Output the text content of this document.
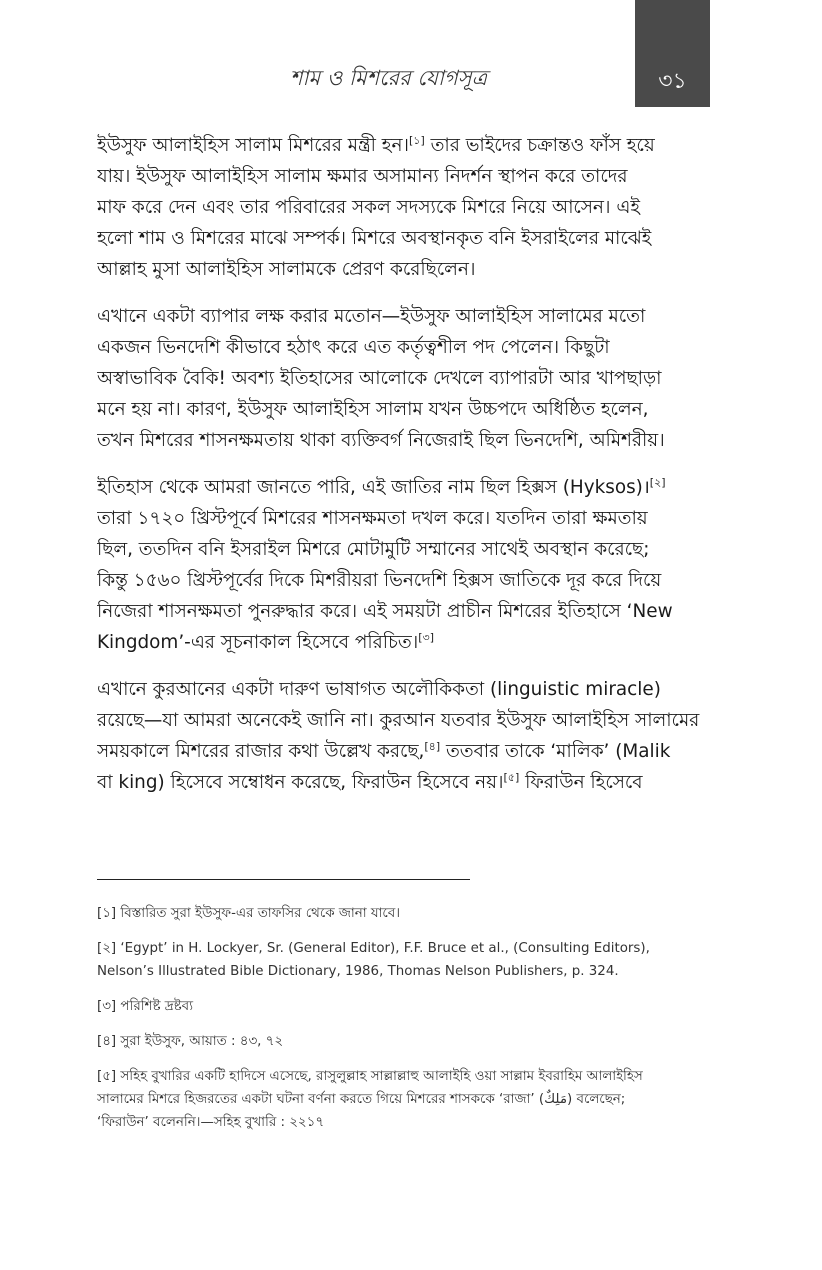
শাম ও মিশরের যোগসূত্র	৩১
ইউসুফ আলাইহিস সালাম মিশরের মন্ত্রী হন।[১] তার ভাইদের চক্রান্তও ফাঁস হয়ে
যায়। ইউসুফ আলাইহিস সালাম ক্ষমার অসামান্য নিদর্শন স্থাপন করে তাদের
মাফ করে দেন এবং তার পরিবারের সকল সদস্যকে মিশরে নিয়ে আসেন। এই
হলো শাম ও মিশরের মাঝে সম্পর্ক। মিশরে অবস্থানকৃত বনি ইসরাইলের মাঝেই
আল্লাহ মুসা আলাইহিস সালামকে প্রেরণ করেছিলেন।
এখানে একটা ব্যাপার লক্ষ করার মতোন—ইউসুফ আলাইহিস সালামের মতো
একজন ভিনদেশি কীভাবে হঠাৎ করে এত কর্তৃত্বশীল পদ পেলেন। কিছুটা
অস্বাভাবিক বৈকি! অবশ্য ইতিহাসের আলোকে দেখলে ব্যাপারটা আর খাপছাড়া
মনে হয় না। কারণ, ইউসুফ আলাইহিস সালাম যখন উচ্চপদে অধিষ্ঠিত হলেন,
তখন মিশরের শাসনক্ষমতায় থাকা ব্যক্তিবর্গ নিজেরাই ছিল ভিনদেশি, অমিশরীয়।
ইতিহাস থেকে আমরা জানতে পারি, এই জাতির নাম ছিল হিক্সস (Hyksos)।[২]
তারা ১৭২০ খ্রিস্টপূর্বে মিশরের শাসনক্ষমতা দখল করে। যতদিন তারা ক্ষমতায়
ছিল, ততদিন বনি ইসরাইল মিশরে মোটামুটি সম্মানের সাথেই অবস্থান করেছে;
কিন্তু ১৫৬০ খ্রিস্টপূর্বের দিকে মিশরীয়রা ভিনদেশি হিক্সস জাতিকে দূর করে দিয়ে
নিজেরা শাসনক্ষমতা পুনরুদ্ধার করে। এই সময়টা প্রাচীন মিশরের ইতিহাসে ‘New
Kingdom’-এর সূচনাকাল হিসেবে পরিচিত।[৩]
এখানে কুরআনের একটা দারুণ ভাষাগত অলৌকিকতা (linguistic miracle)
রয়েছে—যা আমরা অনেকেই জানি না। কুরআন যতবার ইউসুফ আলাইহিস সালামের
সময়কালে মিশরের রাজার কথা উল্লেখ করছে,[৪] ততবার তাকে ‘মালিক’ (Malik
বা king) হিসেবে সম্বোধন করেছে, ফিরাউন হিসেবে নয়।[৫] ফিরাউন হিসেবে
[১] বিস্তারিত সুরা ইউসুফ-এর তাফসির থেকে জানা যাবে।
[২] ‘Egypt’ in H. Lockyer, Sr. (General Editor), F.F. Bruce et al., (Consulting Editors),
Nelson’s Illustrated Bible Dictionary, 1986, Thomas Nelson Publishers, p. 324.
[৩] পরিশিষ্ট দ্রষ্টব্য
[৪] সুরা ইউসুফ, আয়াত : ৪৩, ৭২
[৫] সহিহ বুখারির একটি হাদিসে এসেছে, রাসুলুল্লাহ সাল্লাল্লাহু আলাইহি ওয়া সাল্লাম ইবরাহিম আলাইহিস
সালামের মিশরে হিজরতের একটা ঘটনা বর্ণনা করতে গিয়ে মিশরের শাসককে ‘রাজা’ (مَلِكٌ) বলেছেন;
‘ফিরাউন’ বলেননি।—সহিহ বুখারি : ২২১৭
